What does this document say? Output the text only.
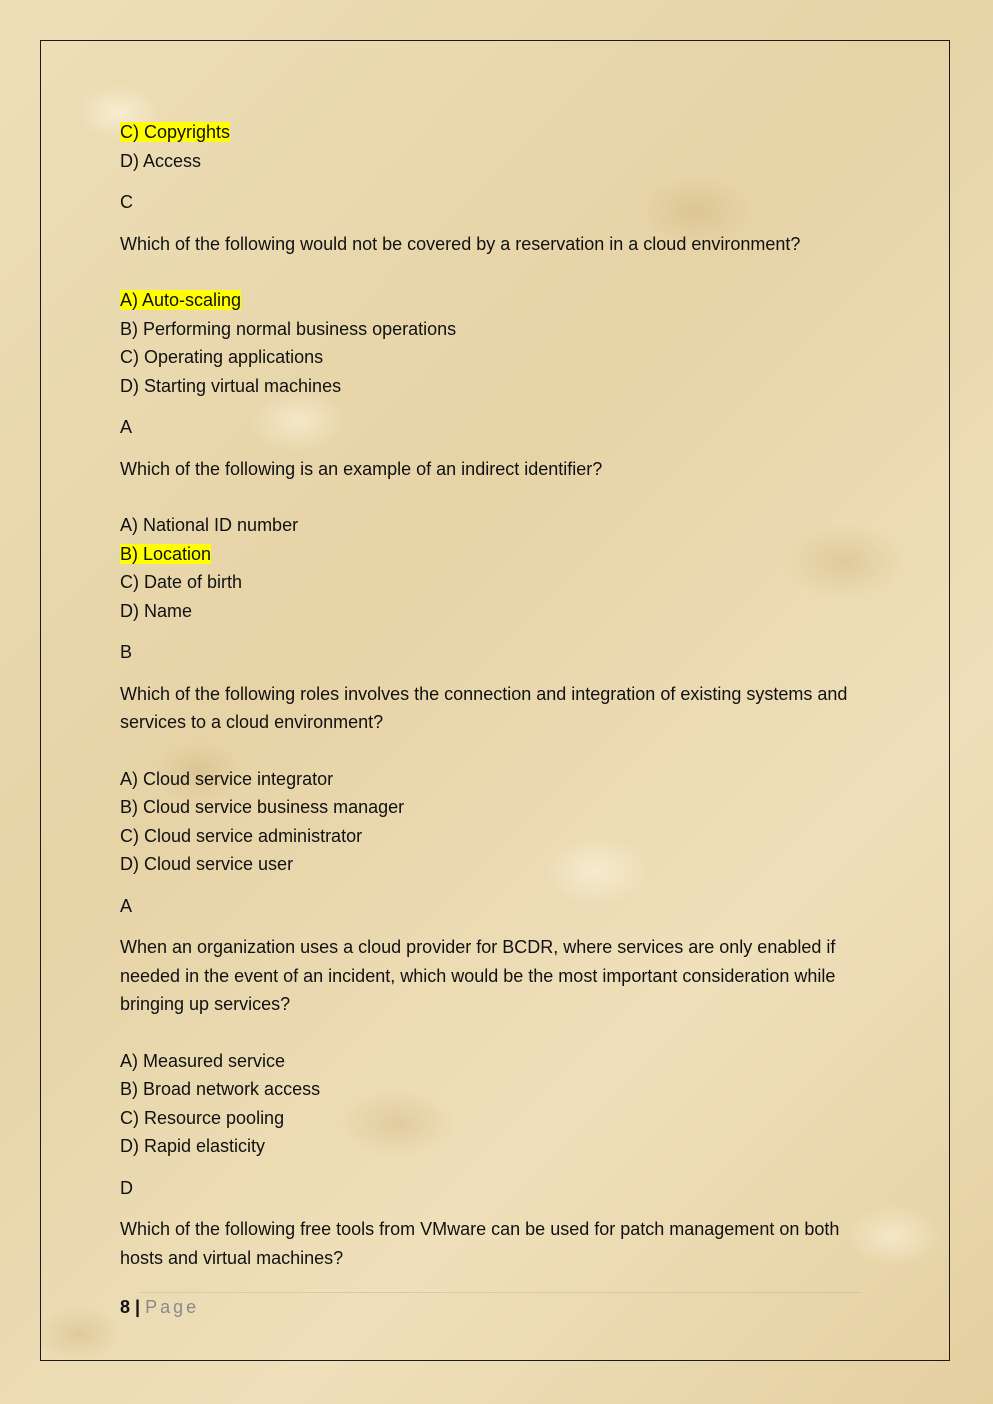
C) Copyrights
D) Access
C
Which of the following would not be covered by a reservation in a cloud environment?
A) Auto-scaling
B) Performing normal business operations
C) Operating applications
D) Starting virtual machines
A
Which of the following is an example of an indirect identifier?
A) National ID number
B) Location
C) Date of birth
D) Name
B
Which of the following roles involves the connection and integration of existing systems and services to a cloud environment?
A) Cloud service integrator
B) Cloud service business manager
C) Cloud service administrator
D) Cloud service user
A
When an organization uses a cloud provider for BCDR, where services are only enabled if needed in the event of an incident, which would be the most important consideration while bringing up services?
A) Measured service
B) Broad network access
C) Resource pooling
D) Rapid elasticity
D
Which of the following free tools from VMware can be used for patch management on both hosts and virtual machines?
8 | Page
